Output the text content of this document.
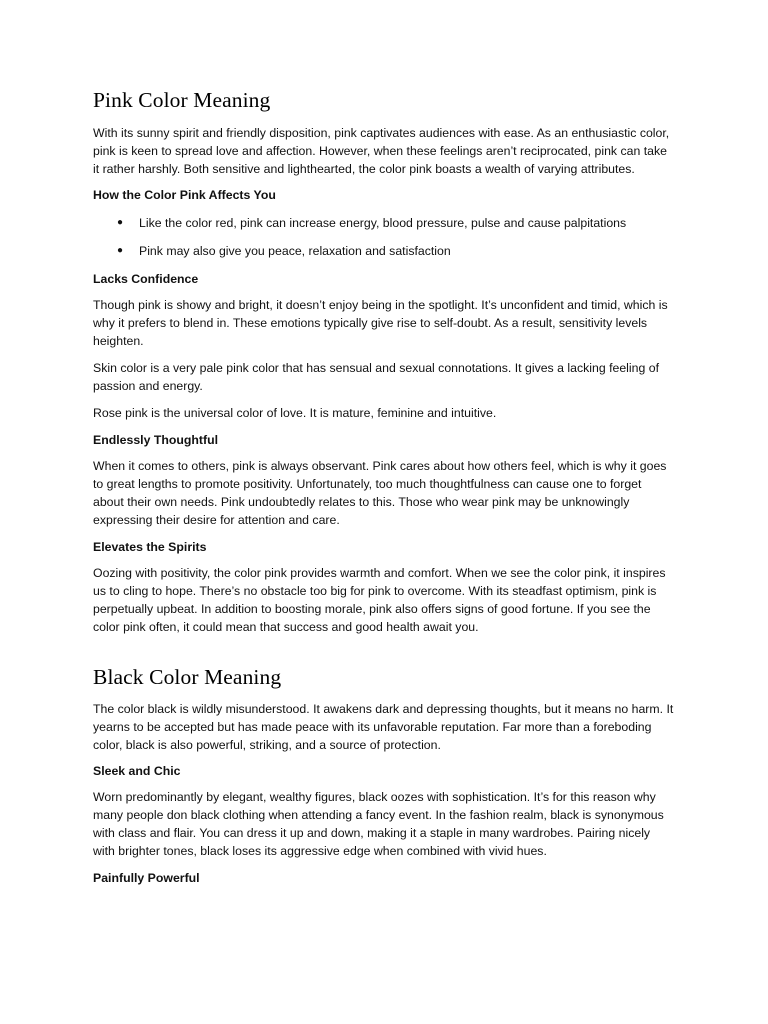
Pink Color Meaning

With its sunny spirit and friendly disposition, pink captivates audiences with ease. As an enthusiastic color, pink is keen to spread love and affection. However, when these feelings aren’t reciprocated, pink can take it rather harshly. Both sensitive and lighthearted, the color pink boasts a wealth of varying attributes.

How the Color Pink Affects You

● Like the color red, pink can increase energy, blood pressure, pulse and cause palpitations
● Pink may also give you peace, relaxation and satisfaction

Lacks Confidence

Though pink is showy and bright, it doesn’t enjoy being in the spotlight. It’s unconfident and timid, which is why it prefers to blend in. These emotions typically give rise to self-doubt. As a result, sensitivity levels heighten.

Skin color is a very pale pink color that has sensual and sexual connotations. It gives a lacking feeling of passion and energy.

Rose pink is the universal color of love. It is mature, feminine and intuitive.

Endlessly Thoughtful

When it comes to others, pink is always observant. Pink cares about how others feel, which is why it goes to great lengths to promote positivity. Unfortunately, too much thoughtfulness can cause one to forget about their own needs. Pink undoubtedly relates to this. Those who wear pink may be unknowingly expressing their desire for attention and care.

Elevates the Spirits

Oozing with positivity, the color pink provides warmth and comfort. When we see the color pink, it inspires us to cling to hope. There’s no obstacle too big for pink to overcome. With its steadfast optimism, pink is perpetually upbeat. In addition to boosting morale, pink also offers signs of good fortune. If you see the color pink often, it could mean that success and good health await you.

Black Color Meaning

The color black is wildly misunderstood. It awakens dark and depressing thoughts, but it means no harm. It yearns to be accepted but has made peace with its unfavorable reputation. Far more than a foreboding color, black is also powerful, striking, and a source of protection.

Sleek and Chic

Worn predominantly by elegant, wealthy figures, black oozes with sophistication. It’s for this reason why many people don black clothing when attending a fancy event. In the fashion realm, black is synonymous with class and flair. You can dress it up and down, making it a staple in many wardrobes. Pairing nicely with brighter tones, black loses its aggressive edge when combined with vivid hues.

Painfully Powerful
